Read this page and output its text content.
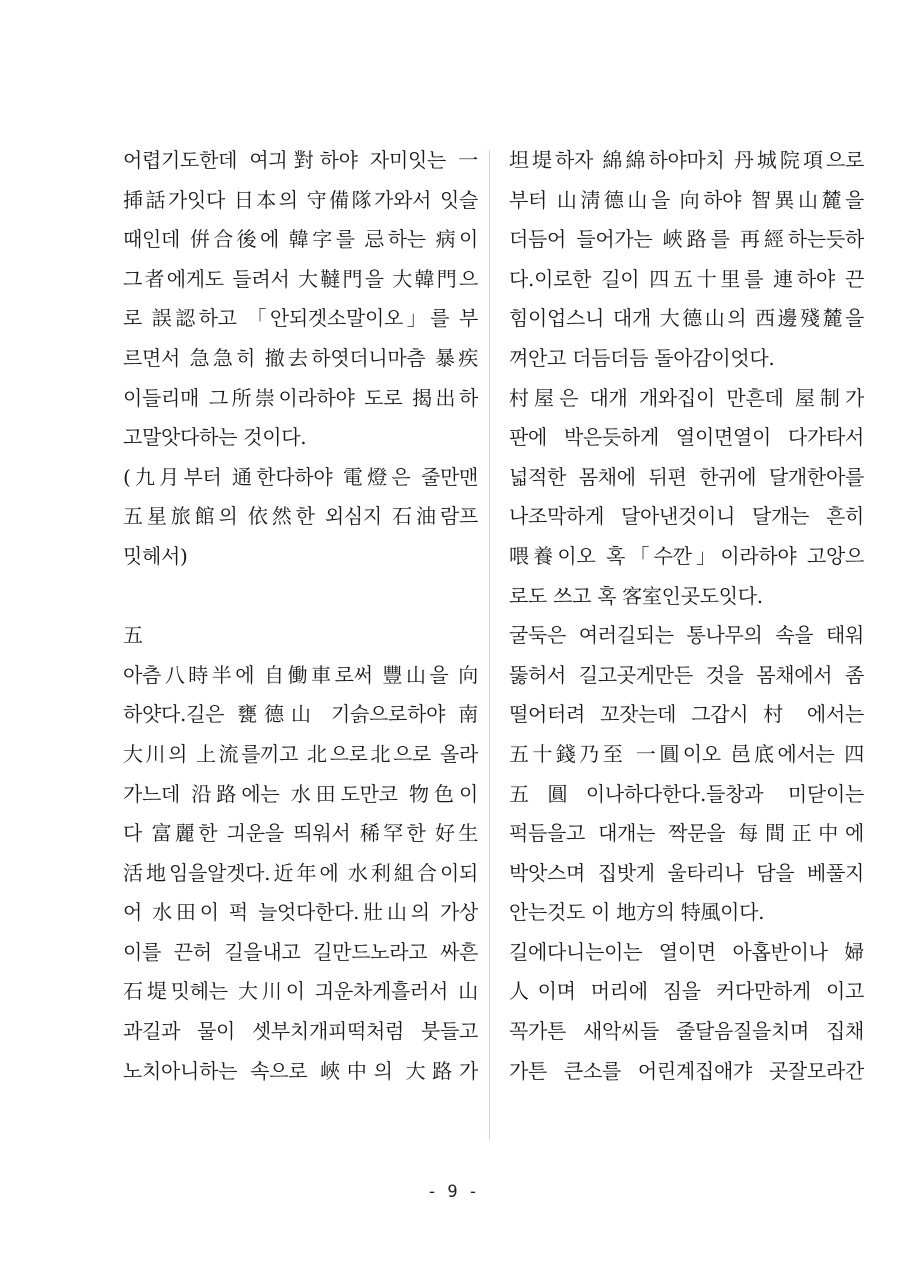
어렵기도한데 여긔對하야 자미잇는 一
揷話가잇다 日本의 守備隊가와서 잇슬
때인데 倂合後에 韓字를 忌하는 病이
그者에게도 들려서 大韃門을 大韓門으
로 誤認하고 「안되겟소말이오」를 부
르면서 急急히 撤去하엿더니마츰 暴疾
이들리매 그所崇이라하야 도로 揭出하
고말앗다하는 것이다.
(九月부터 通한다하야 電燈은 줄만맨
五星旅館의 依然한 외심지 石油람프
밋헤서)
五
아츰八時半에 自働車로써 豐山을 向
하얏다.길은 甕德山 기슭으로하야 南
大川의 上流를끼고 北으로北으로 올라
가느데 沿路에는 水田도만코 物色이
다 富麗한 긔운을 띄워서 稀罕한 好生
活地임을알겟다.近年에 水利組合이되
어 水田이 퍽 늘엇다한다.壯山의 가상
이를 끈허 길을내고 길만드노라고 싸흔
石堤밋헤는 大川이 긔운차게흘러서 山
과길과 물이 셋부치개피떡처럼 붓들고
노치아니하는 속으로 峽中의 大路가
坦堤하자 綿綿하야마치 丹城院項으로
부터 山淸德山을 向하야 智異山麓을
더듬어 들어가는 峽路를 再經하는듯하
다.이로한 길이 四五十里를 連하야 끈
힘이업스니 대개 大德山의 西邊殘麓을
껴안고 더듬더듬 돌아감이엇다.
村屋은 대개 개와집이 만흔데 屋制가
판에 박은듯하게 열이면열이 다가타서
넓적한 몸채에 뒤편 한귀에 달개한아를
나조막하게 달아낸것이니 달개는 흔히
喂養이오 혹「수깐」이라하야 고앙으
로도 쓰고 혹 客室인곳도잇다.
굴둑은 여러길되는 통나무의 속을 태워
뚫허서 길고곳게만든 것을 몸채에서 좀
떨어터려 꼬잣는데 그갑시 村 에서는
五十錢乃至 一圓이오 邑底에서는 四
五圓이나하다한다.들창과 미닫이는
퍽듬을고 대개는 짝문을 每間正中에
박앗스며 집밧게 울타리나 담을 베풀지
안는것도 이 地方의 特風이다.
길에다니는이는 열이면 아홉반이나 婦
人이며 머리에 짐을 커다만하게 이고
꼭가튼 새악씨들 줄달음질을치며 집채
가튼 큰소를 어린계집애갸 곳잘모라간
- 9 -
